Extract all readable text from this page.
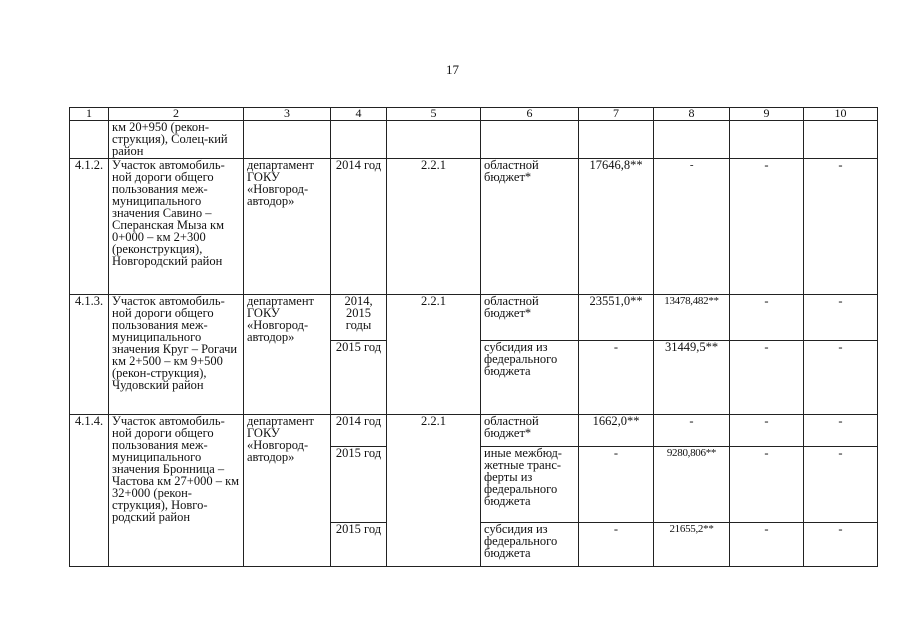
17
1	2	3	4	5	6	7	8	9	10
	км 20+950 (рекон-струкция), Солец-кий район								
4.1.2.	Участок автомобиль-ной дороги общего пользования меж-муниципального значения Савино – Сперанская Мыза км 0+000 – км 2+300 (реконструкция), Новгородский район	департамент ГОКУ «Новгород-автодор»	2014 год	2.2.1	областной бюджет*	17646,8**	-	-	-
4.1.3.	Участок автомобиль-ной дороги общего пользования меж-муниципального значения Круг – Рогачи км 2+500 – км 9+500 (рекон-струкция), Чудовский район	департамент ГОКУ «Новгород-автодор»	2014, 2015 годы	2.2.1	областной бюджет*	23551,0**	13478,482**	-	-
			2015 год		субсидия из федерального бюджета	-	31449,5**	-	-
4.1.4.	Участок автомобиль-ной дороги общего пользования меж-муниципального значения Бронница – Частова км 27+000 – км 32+000 (рекон-струкция), Новго-родский район	департамент ГОКУ «Новгород-автодор»	2014 год	2.2.1	областной бюджет*	1662,0**	-	-	-
			2015 год		иные межбюд-жетные транс-ферты из федерального бюджета	-	9280,806**	-	-
			2015 год		субсидия из федерального бюджета	-	21655,2**	-	-
